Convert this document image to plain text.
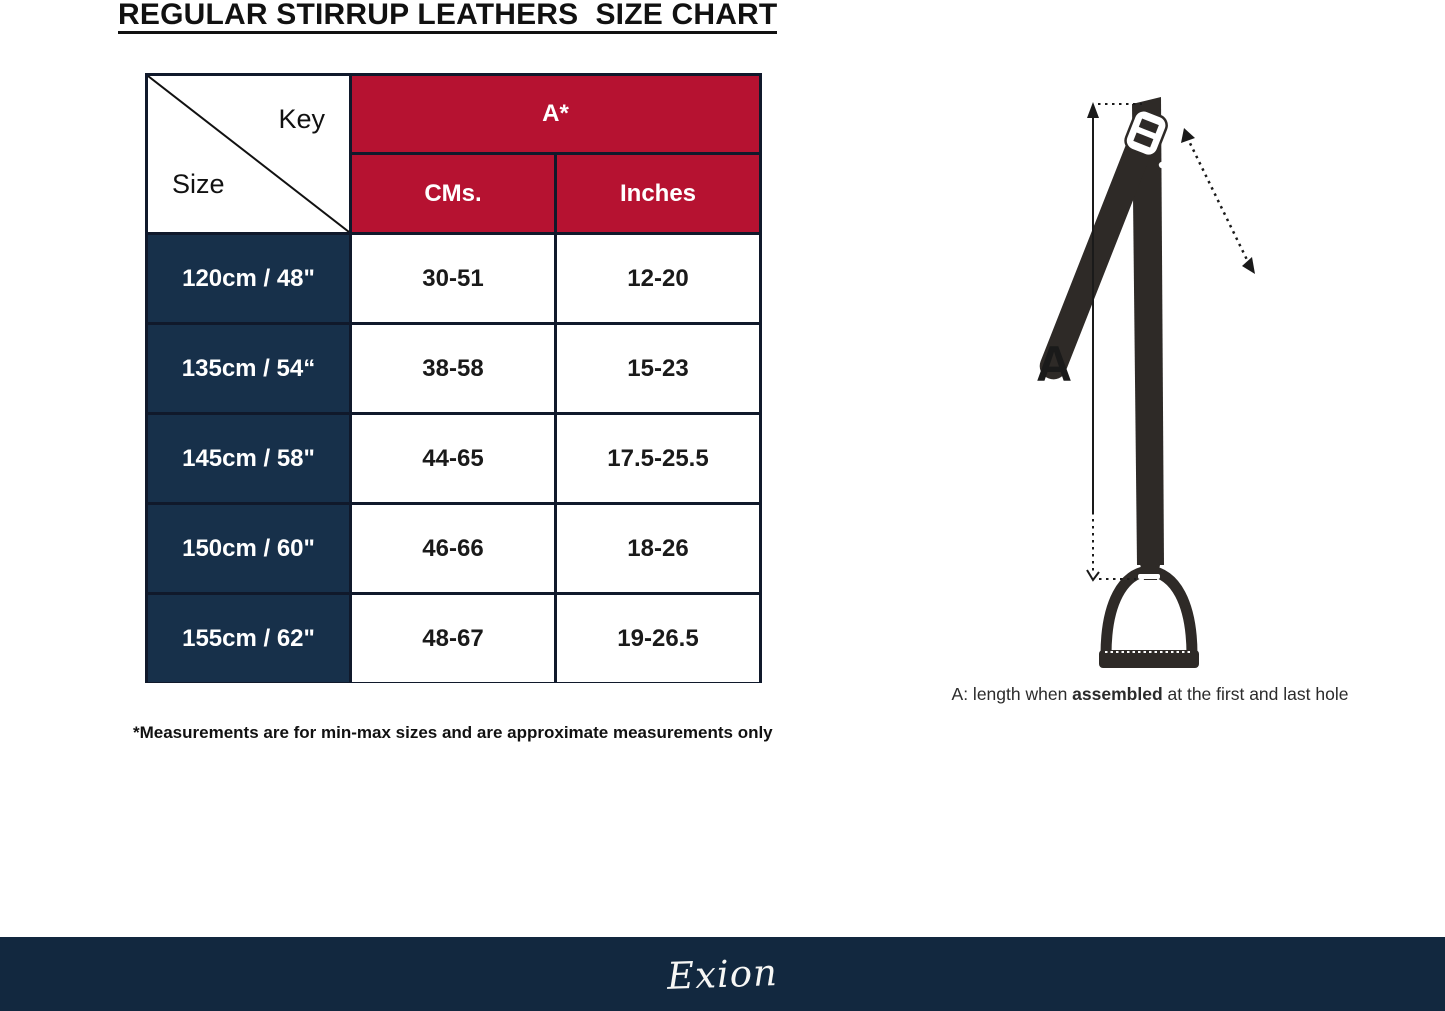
REGULAR STIRRUP LEATHERS  SIZE CHART
Key
Size
A*
CMs.	Inches
120cm / 48"	30-51	12-20
135cm / 54“	38-58	15-23
145cm / 58"	44-65	17.5-25.5
150cm / 60"	46-66	18-26
155cm / 62"	48-67	19-26.5

*Measurements are for min-max sizes and are approximate measurements only

A

A: length when assembled at the first and last hole

Exion
